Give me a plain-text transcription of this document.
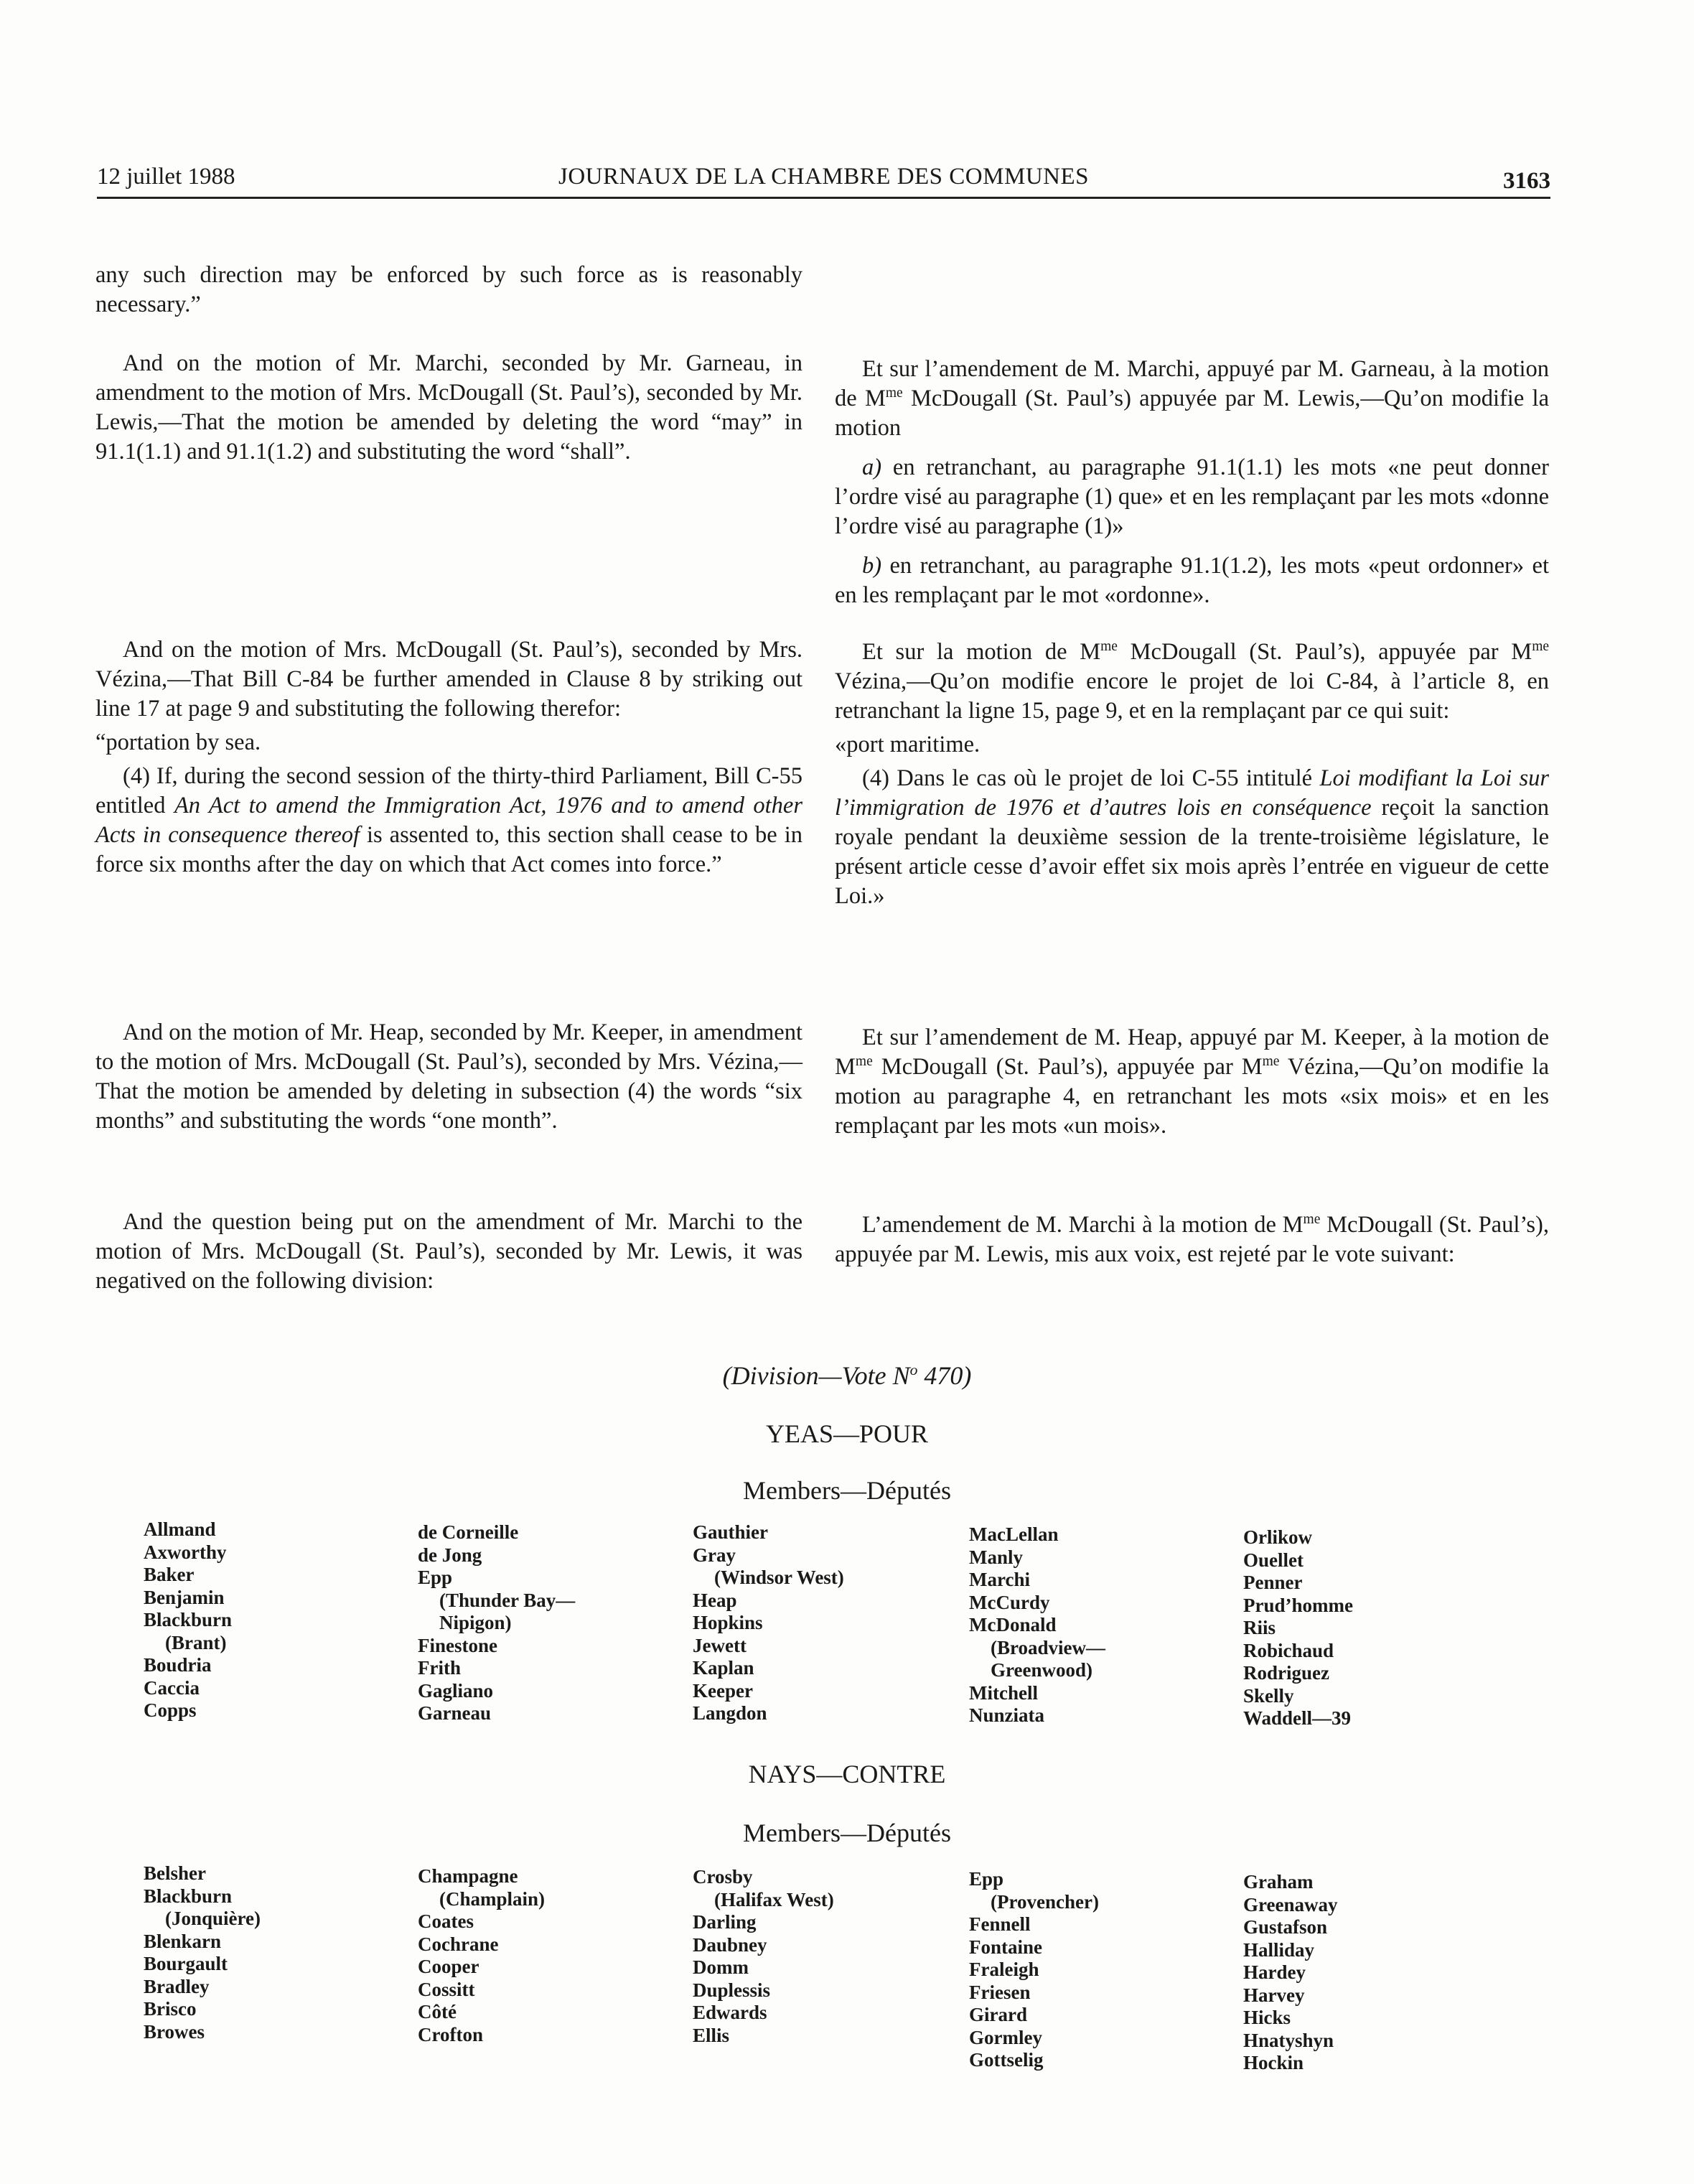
12 juillet 1988	JOURNAUX DE LA CHAMBRE DES COMMUNES	3163

any such direction may be enforced by such force as is reasonably necessary.”

And on the motion of Mr. Marchi, seconded by Mr. Garneau, in amendment to the motion of Mrs. McDougall (St. Paul’s), seconded by Mr. Lewis,—That the motion be amended by deleting the word “may” in 91.1(1.1) and 91.1(1.2) and substituting the word “shall”.

And on the motion of Mrs. McDougall (St. Paul’s), seconded by Mrs. Vézina,—That Bill C-84 be further amended in Clause 8 by striking out line 17 at page 9 and substituting the following therefor:

“portation by sea.

(4) If, during the second session of the thirty-third Parliament, Bill C-55 entitled An Act to amend the Immigration Act, 1976 and to amend other Acts in consequence thereof is assented to, this section shall cease to be in force six months after the day on which that Act comes into force.”

And on the motion of Mr. Heap, seconded by Mr. Keeper, in amendment to the motion of Mrs. McDougall (St. Paul’s), seconded by Mrs. Vézina,—That the motion be amended by deleting in subsection (4) the words “six months” and substituting the words “one month”.

And the question being put on the amendment of Mr. Marchi to the motion of Mrs. McDougall (St. Paul’s), seconded by Mr. Lewis, it was negatived on the following division:

Et sur l’amendement de M. Marchi, appuyé par M. Garneau, à la motion de $M^{me}$ McDougall (St. Paul’s) appuyée par M. Lewis,—Qu’on modifie la motion

a) en retranchant, au paragraphe 91.1(1.1) les mots «ne peut donner l’ordre visé au paragraphe (1) que» et en les remplaçant par les mots «donne l’ordre visé au paragraphe (1)»

b) en retranchant, au paragraphe 91.1(1.2), les mots «peut ordonner» et en les remplaçant par le mot «ordonne».

Et sur la motion de $M^{me}$ McDougall (St. Paul’s), appuyée par $M^{me}$ Vézina,—Qu’on modifie encore le projet de loi C-84, à l’article 8, en retranchant la ligne 15, page 9, et en la remplaçant par ce qui suit:

«port maritime.

(4) Dans le cas où le projet de loi C-55 intitulé Loi modifiant la Loi sur l’immigration de 1976 et d’autres lois en conséquence reçoit la sanction royale pendant la deuxième session de la trente-troisième législature, le présent article cesse d’avoir effet six mois après l’entrée en vigueur de cette Loi.»

Et sur l’amendement de M. Heap, appuyé par M. Keeper, à la motion de $M^{me}$ McDougall (St. Paul’s), appuyée par $M^{me}$ Vézina,—Qu’on modifie la motion au paragraphe 4, en retranchant les mots «six mois» et en les remplaçant par les mots «un mois».

L’amendement de M. Marchi à la motion de $M^{me}$ McDougall (St. Paul’s), appuyée par M. Lewis, mis aux voix, est rejeté par le vote suivant:

(Division—Vote $N^o$ 470)
YEAS—POUR
Members—Députés
Allmand
Axworthy
Baker
Benjamin
Blackburn
(Brant)
Boudria
Caccia
Copps
de Corneille
de Jong
Epp
(Thunder Bay—
Nipigon)
Finestone
Frith
Gagliano
Garneau
Gauthier
Gray
(Windsor West)
Heap
Hopkins
Jewett
Kaplan
Keeper
Langdon
MacLellan
Manly
Marchi
McCurdy
McDonald
(Broadview—
Greenwood)
Mitchell
Nunziata
Orlikow
Ouellet
Penner
Prud’homme
Riis
Robichaud
Rodriguez
Skelly
Waddell—39
NAYS—CONTRE
Members—Députés
Belsher
Blackburn
(Jonquière)
Blenkarn
Bourgault
Bradley
Brisco
Browes
Champagne
(Champlain)
Coates
Cochrane
Cooper
Cossitt
Côté
Crofton
Crosby
(Halifax West)
Darling
Daubney
Domm
Duplessis
Edwards
Ellis
Epp
(Provencher)
Fennell
Fontaine
Fraleigh
Friesen
Girard
Gormley
Gottselig
Graham
Greenaway
Gustafson
Halliday
Hardey
Harvey
Hicks
Hnatyshyn
Hockin
